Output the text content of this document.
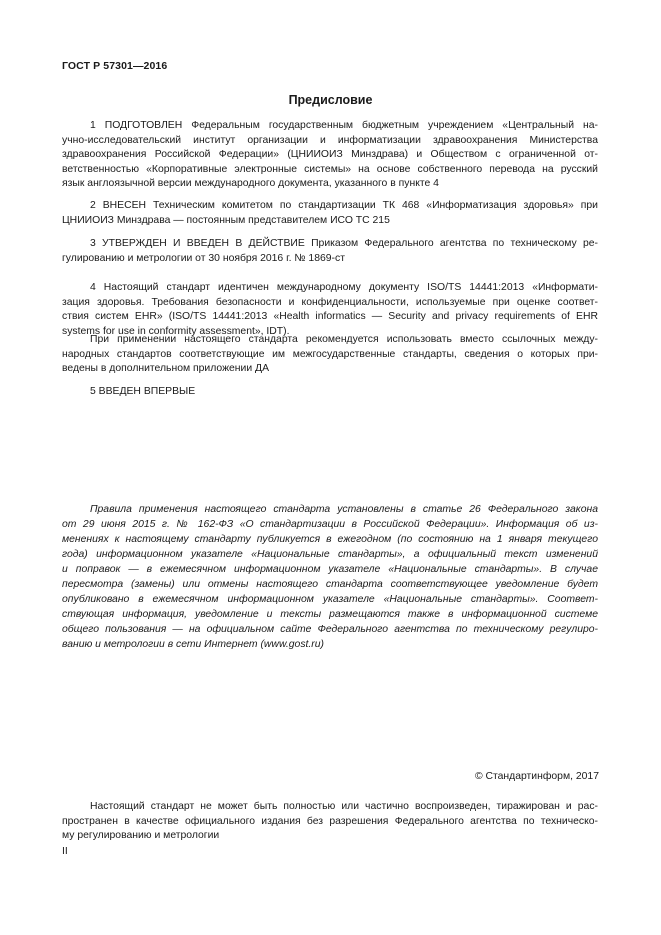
ГОСТ Р 57301—2016
Предисловие
1 ПОДГОТОВЛЕН Федеральным государственным бюджетным учреждением «Центральный на-
учно-исследовательский институт организации и информатизации здравоохранения Министерства
здравоохранения Российской Федерации» (ЦНИИОИЗ Минздрава) и Обществом с ограниченной от-
ветственностью «Корпоративные электронные системы» на основе собственного перевода на русский
язык англоязычной версии международного документа, указанного в пункте 4
2 ВНЕСЕН Техническим комитетом по стандартизации ТК 468 «Информатизация здоровья» при
ЦНИИОИЗ Минздрава — постоянным представителем ИСО ТС 215
3 УТВЕРЖДЕН И ВВЕДЕН В ДЕЙСТВИЕ Приказом Федерального агентства по техническому ре-
гулированию и метрологии от 30 ноября 2016 г. № 1869-ст
4 Настоящий стандарт идентичен международному документу ISO/TS 14441:2013 «Информати-
зация здоровья. Требования безопасности и конфиденциальности, используемые при оценке соответ-
ствия систем EHR» (ISO/TS 14441:2013 «Health informatics — Security and privacy requirements of EHR
systems for use in conformity assessment», IDT).
При применении настоящего стандарта рекомендуется использовать вместо ссылочных между-
народных стандартов соответствующие им межгосударственные стандарты, сведения о которых при-
ведены в дополнительном приложении ДА
5 ВВЕДЕН ВПЕРВЫЕ
Правила применения настоящего стандарта установлены в статье 26 Федерального закона
от 29 июня 2015 г. № 162-ФЗ «О стандартизации в Российской Федерации». Информация об из-
менениях к настоящему стандарту публикуется в ежегодном (по состоянию на 1 января текущего
года) информационном указателе «Национальные стандарты», а официальный текст изменений
и поправок — в ежемесячном информационном указателе «Национальные стандарты». В случае
пересмотра (замены) или отмены настоящего стандарта соответствующее уведомление будет
опубликовано в ежемесячном информационном указателе «Национальные стандарты». Соответ-
ствующая информация, уведомление и тексты размещаются также в информационной системе
общего пользования — на официальном сайте Федерального агентства по техническому регулиро-
ванию и метрологии в сети Интернет (www.gost.ru)
© Стандартинформ, 2017
Настоящий стандарт не может быть полностью или частично воспроизведен, тиражирован и рас-
пространен в качестве официального издания без разрешения Федерального агентства по техническо-
му регулированию и метрологии
II
